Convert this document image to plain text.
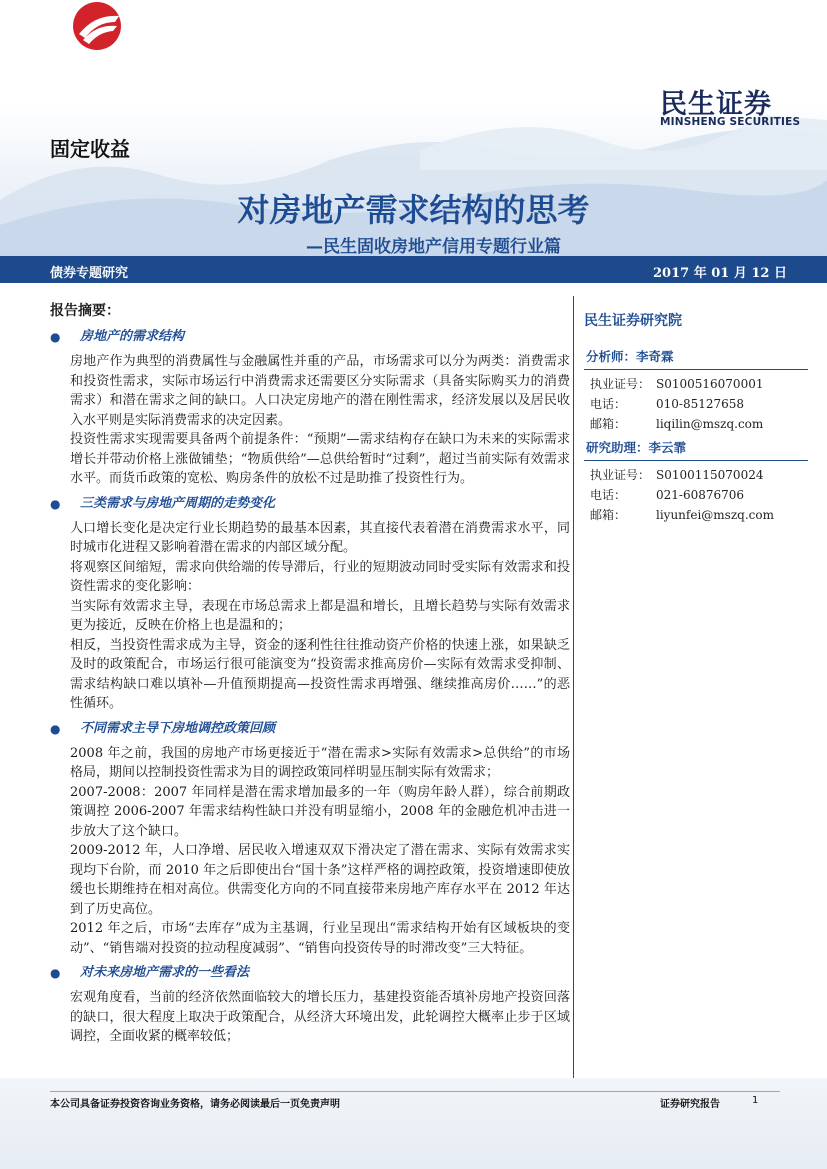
民生证券
MINSHENG SECURITIES
固定收益
对房地产需求结构的思考
—民生固收房地产信用专题行业篇
债券专题研究	2017 年 01 月 12 日
报告摘要：
● 房地产的需求结构

房地产作为典型的消费属性与金融属性并重的产品，市场需求可以分为两类：消费需求和投资性需求，实际市场运行中消费需求还需要区分实际需求（具备实际购买力的消费需求）和潜在需求之间的缺口。人口决定房地产的潜在刚性需求，经济发展以及居民收入水平则是实际消费需求的决定因素。

投资性需求实现需要具备两个前提条件：“预期”—需求结构存在缺口为未来的实际需求增长并带动价格上涨做铺垫；“物质供给”—总供给暂时“过剩”，超过当前实际有效需求水平。而货币政策的宽松、购房条件的放松不过是助推了投资性行为。

● 三类需求与房地产周期的走势变化

人口增长变化是决定行业长期趋势的最基本因素，其直接代表着潜在消费需求水平，同时城市化进程又影响着潜在需求的内部区域分配。

将观察区间缩短，需求向供给端的传导滞后，行业的短期波动同时受实际有效需求和投资性需求的变化影响：

当实际有效需求主导，表现在市场总需求上都是温和增长，且增长趋势与实际有效需求更为接近，反映在价格上也是温和的；

相反，当投资性需求成为主导，资金的逐利性往往推动资产价格的快速上涨，如果缺乏及时的政策配合，市场运行很可能演变为“投资需求推高房价—实际有效需求受抑制、需求结构缺口难以填补—升值预期提高—投资性需求再增强、继续推高房价……”的恶性循环。

● 不同需求主导下房地调控政策回顾

2008 年之前，我国的房地产市场更接近于“潜在需求>实际有效需求>总供给”的市场格局，期间以控制投资性需求为目的调控政策同样明显压制实际有效需求；

2007-2008：2007 年同样是潜在需求增加最多的一年（购房年龄人群），综合前期政策调控 2006-2007 年需求结构性缺口并没有明显缩小，2008 年的金融危机冲击进一步放大了这个缺口。

2009-2012 年，人口净增、居民收入增速双双下滑决定了潜在需求、实际有效需求实现均下台阶，而 2010 年之后即使出台“国十条”这样严格的调控政策，投资增速即使放缓也长期维持在相对高位。供需变化方向的不同直接带来房地产库存水平在 2012 年达到了历史高位。

2012 年之后，市场“去库存”成为主基调，行业呈现出“需求结构开始有区域板块的变动”、“销售端对投资的拉动程度减弱”、“销售向投资传导的时滞改变”三大特征。

● 对未来房地产需求的一些看法

宏观角度看，当前的经济依然面临较大的增长压力，基建投资能否填补房地产投资回落的缺口，很大程度上取决于政策配合，从经济大环境出发，此轮调控大概率止步于区域调控，全面收紧的概率较低；

民生证券研究院
分析师：李奇霖
执业证号： S0100516070001
电话：	010-85127658
邮箱：	liqilin@mszq.com
研究助理：李云霏
执业证号： S0100115070024
电话：	021-60876706
邮箱：	liyunfei@mszq.com
本公司具备证券投资咨询业务资格，请务必阅读最后一页免责声明	证券研究报告	1
